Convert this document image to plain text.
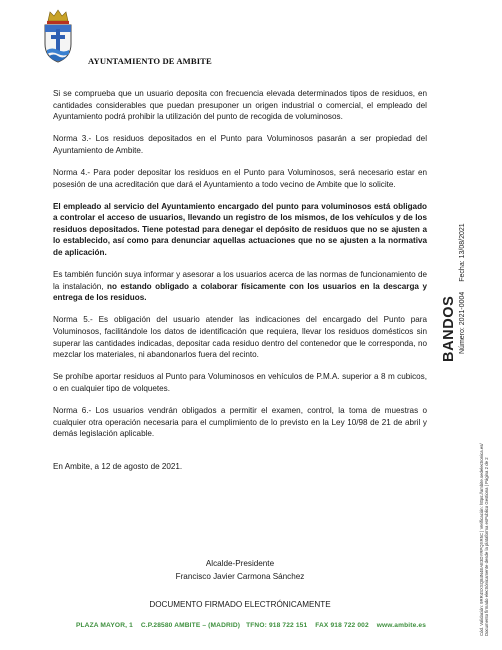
AYUNTAMIENTO DE AMBITE

Si se comprueba que un usuario deposita con frecuencia elevada determinados tipos de residuos, en cantidades considerables que puedan presuponer un origen industrial o comercial, el empleado del Ayuntamiento podrá prohibir la utilización del punto de recogida de voluminosos.

Norma 3.- Los residuos depositados en el Punto para Voluminosos pasarán a ser propiedad del Ayuntamiento de Ambite.

Norma 4.- Para poder depositar los residuos en el Punto para Voluminosos, será necesario estar en posesión de una acreditación que dará el Ayuntamiento a todo vecino de Ambite que lo solicite.

El empleado al servicio del Ayuntamiento encargado del punto para voluminosos está obligado a controlar el acceso de usuarios, llevando un registro de los mismos, de los vehículos y de los residuos depositados. Tiene potestad para denegar el depósito de residuos que no se ajusten a lo establecido, así como para denunciar aquellas actuaciones que no se ajusten a la normativa de aplicación.

Es también función suya informar y asesorar a los usuarios acerca de las normas de funcionamiento de la instalación, no estando obligado a colaborar físicamente con los usuarios en la descarga y entrega de los residuos.

Norma 5.- Es obligación del usuario atender las indicaciones del encargado del Punto para Voluminosos, facilitándole los datos de identificación que requiera, llevar los residuos domésticos sin superar las cantidades indicadas, depositar cada residuo dentro del contenedor que le corresponda, no mezclar los materiales, ni abandonarlos fuera del recinto.

Se prohíbe aportar residuos al Punto para Voluminosos en vehículos de P.M.A. superior a 8 m cubicos, o en cualquier tipo de volquetes.

Norma 6.- Los usuarios vendrán obligados a permitir el examen, control, la toma de muestras o cualquier otra operación necesaria para el cumplimiento de lo previsto en la Ley 10/98 de 21 de abril y demás legislación aplicable.

En Ambite, a 12 de agosto de 2021.

Alcalde-Presidente
Francisco Javier Carmona Sánchez
DOCUMENTO FIRMADO ELECTRÓNICAMENTE
PLAZA MAYOR, 1    C.P.28580 AMBITE – (MADRID)   TFNO: 918 722 151    FAX 918 722 002    www.ambite.es
BANDOS Número: 2021-0004Fecha: 13/08/2021
Cód. Validación: 9RR4SXSQ84N4EAE3DYRPQXR5C | Verificación: https://ambite.sedelectronica.es/ Documento firmado electrónicamente desde la plataforma esPublico Gestiona | Página 2 de 2
